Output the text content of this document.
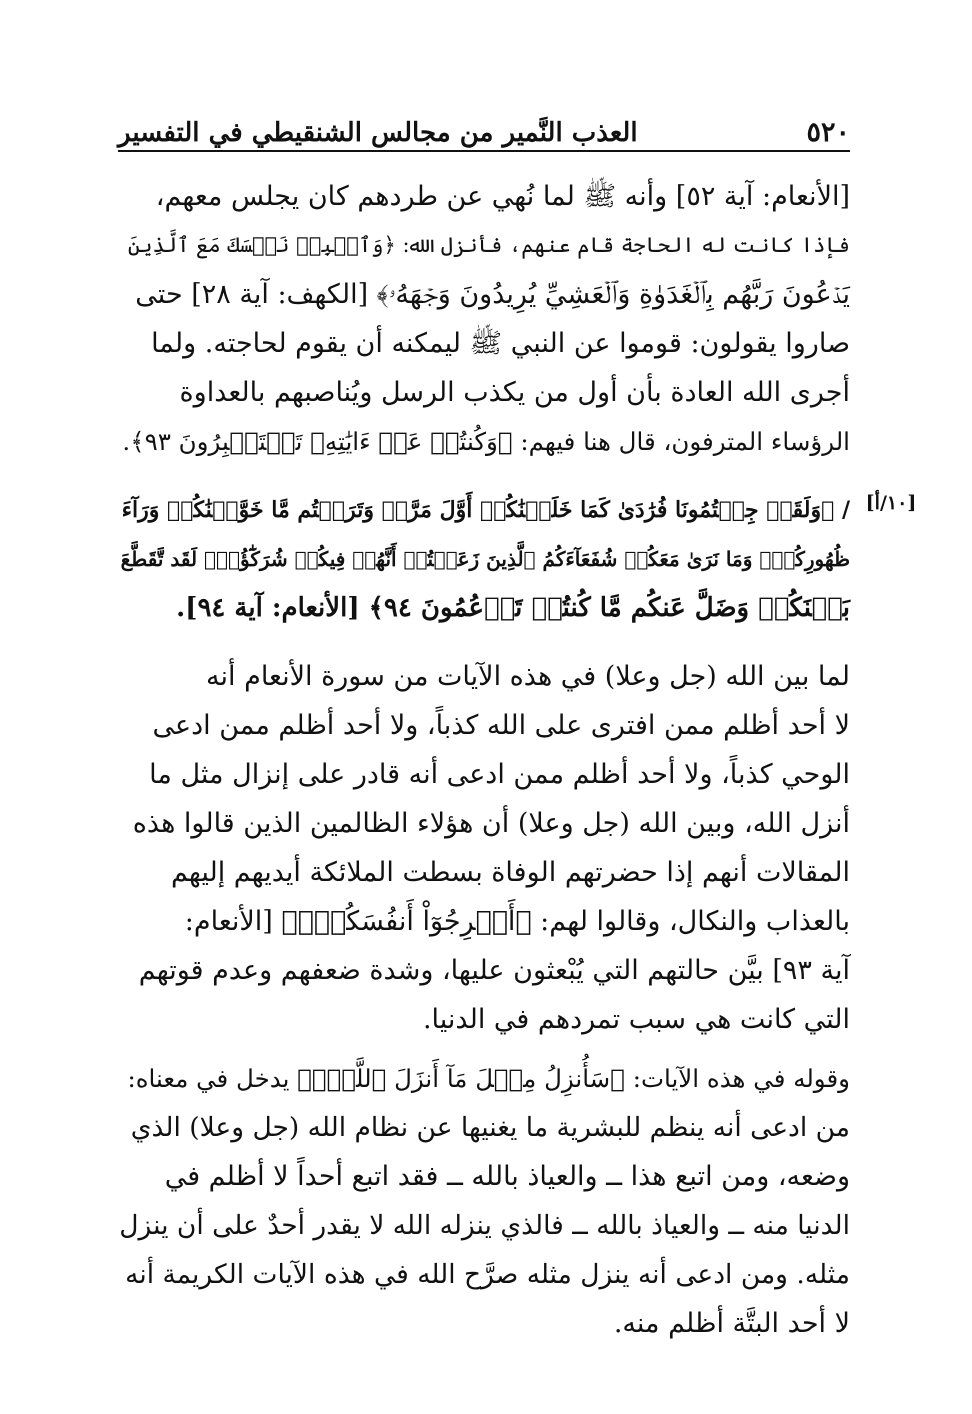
٥٢٠
العذب النَّمير من مجالس الشنقيطي في التفسير
[١٠/أ]

[الأنعام: آية ٥٢] وأنه ﷺ لما نُهي عن طردهم كان يجلس معهم،
فإذا كانت له الحاجة قام عنهم، فأنزل الله: ﴿وَٱصۡبِرۡ نَفۡسَكَ مَعَ ٱلَّذِينَ
يَدۡعُونَ رَبَّهُم بِٱلۡغَدَوٰةِ وَٱلۡعَشِيِّ يُرِيدُونَ وَجۡهَهُۥ﴾ [الكهف: آية ٢٨] حتى
صاروا يقولون: قوموا عن النبي ﷺ ليمكنه أن يقوم لحاجته. ولما
أجرى الله العادة بأن أول من يكذب الرسل ويُناصبهم بالعداوة
الرؤساء المترفون، قال هنا فيهم: ﴿وَكُنتُمۡ عَنۡ ءَايَٰتِهِۦ تَسۡتَكۡبِرُونَ ٩٣﴾.

/ ﴿وَلَقَدۡ جِئۡتُمُونَا فُرَٰدَىٰ كَمَا خَلَقۡنَٰكُمۡ أَوَّلَ مَرَّةٖ وَتَرَكۡتُم مَّا خَوَّلۡنَٰكُمۡ وَرَآءَ
ظُهُورِكُمۡۖ وَمَا نَرَىٰ مَعَكُمۡ شُفَعَآءَكُمُ ٱلَّذِينَ زَعَمۡتُمۡ أَنَّهُمۡ فِيكُمۡ شُرَكَٰٓؤُاْۚ لَقَد تَّقَطَّعَ
بَيۡنَكُمۡ وَضَلَّ عَنكُم مَّا كُنتُمۡ تَزۡعُمُونَ ٩٤﴾ [الأنعام: آية ٩٤].

لما بين الله (جل وعلا) في هذه الآيات من سورة الأنعام أنه
لا أحد أظلم ممن افترى على الله كذباً، ولا أحد أظلم ممن ادعى
الوحي كذباً، ولا أحد أظلم ممن ادعى أنه قادر على إنزال مثل ما
أنزل الله، وبين الله (جل وعلا) أن هؤلاء الظالمين الذين قالوا هذه
المقالات أنهم إذا حضرتهم الوفاة بسطت الملائكة أيديهم إليهم
بالعذاب والنكال، وقالوا لهم: ﴿أَخۡرِجُوٓاْ أَنفُسَكُمُۖ﴾ [الأنعام:
آية ٩٣] بيَّن حالتهم التي يُبْعثون عليها، وشدة ضعفهم وعدم قوتهم
التي كانت هي سبب تمردهم في الدنيا.

وقوله في هذه الآيات: ﴿سَأُنزِلُ مِثۡلَ مَآ أَنزَلَ ٱللَّهُۗ﴾ يدخل في معناه:
من ادعى أنه ينظم للبشرية ما يغنيها عن نظام الله (جل وعلا) الذي
وضعه، ومن اتبع هذا ــ والعياذ بالله ــ فقد اتبع أحداً لا أظلم في
الدنيا منه ــ والعياذ بالله ــ فالذي ينزله الله لا يقدر أحدٌ على أن ينزل
مثله. ومن ادعى أنه ينزل مثله صرَّح الله في هذه الآيات الكريمة أنه
لا أحد البتَّة أظلم منه.
